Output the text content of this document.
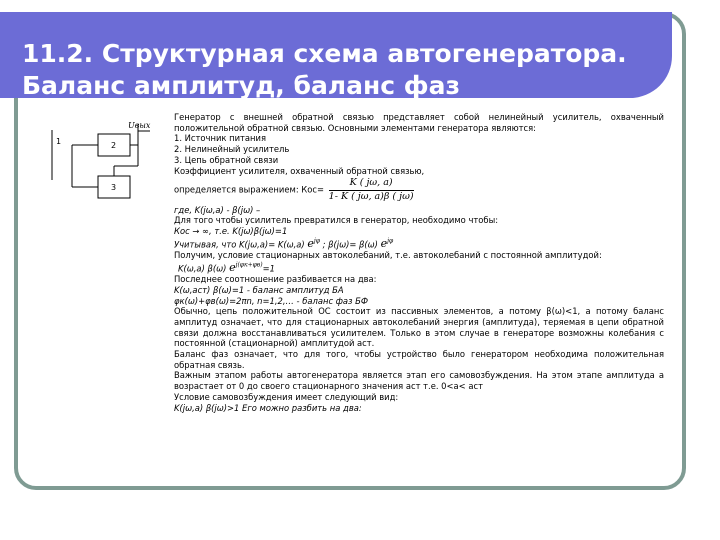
11.2. Структурная схема автогенератора.
Баланс амплитуд, баланс фаз
1	2
3
Uвых

Генератор с внешней обратной связью представляет собой нелинейный усилитель, охваченный положительной обратной связью. Основными элементами генератора являются:

1. Источник питания

2. Нелинейный усилитель

3. Цепь обратной связи

Коэффициент усилителя, охваченный обратной связью,

определяется выражением: $Кос= \frac{K ( j\omega, a)}{1- K ( j\omega, a)\beta ( j\omega)}$

где, K(jω,a) - β(jω) –

Для того чтобы усилитель превратился в генератор, необходимо чтобы:

Кос → ∞, т.е. K(jω)β(jω)=1

Учитывая, что K(jω,a)= K(ω,a) $e^{j\varphi}$ ; β(jω)= β(ω) $e^{j\varphi}$

Получим, условие стационарных автоколебаний, т.е. автоколебаний с постоянной амплитудой:

K(ω,a) β(ω) $e^{j(\varphi к+\varphi в)}=1$

Последнее соотношение разбивается на два:

K(ω,aст) β(ω)=1 - баланс амплитуд БА

φк(ω)+φв(ω)=2πn, n=1,2,… - баланс фаз БФ

Обычно, цепь положительной ОС состоит из пассивных элементов, а потому β(ω)<1, а потому баланс амплитуд означает, что для стационарных автоколебаний энергия (амплитуда), теряемая в цепи обратной связи должна восстанавливаться усилителем. Только в этом случае в генераторе возможны колебания с постоянной (стационарной) амплитудой aст.

Баланс фаз означает, что для того, чтобы устройство было генератором необходима положительная обратная связь.

Важным этапом работы автогенератора является этап его самовозбуждения. На этом этапе амплитуда a возрастает от 0 до своего стационарного значения aст т.е. 0<a< aст

Условие самовозбуждения имеет следующий вид:

K(jω,a) β(jω)>1 Его можно разбить на два:
